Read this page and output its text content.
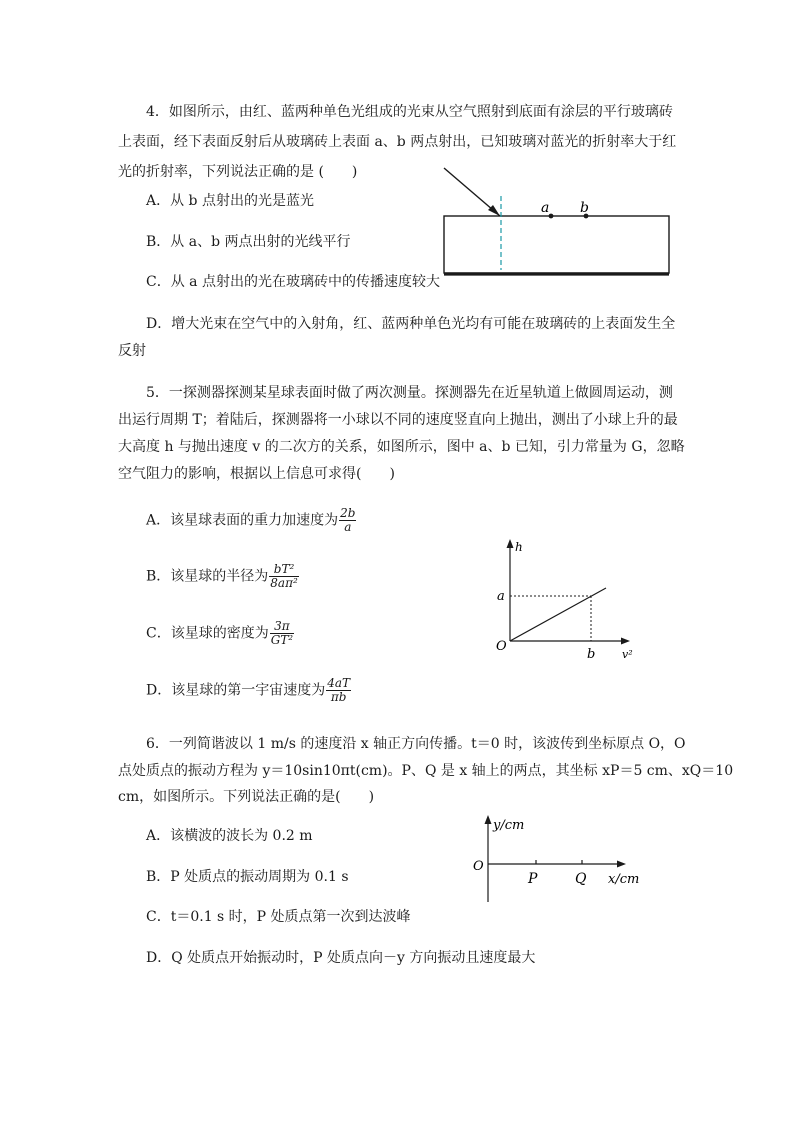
4．如图所示，由红、蓝两种单色光组成的光束从空气照射到底面有涂层的平行玻璃砖
上表面，经下表面反射后从玻璃砖上表面 a、b 两点射出，已知玻璃对蓝光的折射率大于红
光的折射率，下列说法正确的是 (　　)
A．从 b 点射出的光是蓝光
B．从 a、b 两点出射的光线平行
C．从 a 点射出的光在玻璃砖中的传播速度较大
D．增大光束在空气中的入射角，红、蓝两种单色光均有可能在玻璃砖的上表面发生全
反射
a b
5．一探测器探测某星球表面时做了两次测量。探测器先在近星轨道上做圆周运动，测
出运行周期 T；着陆后，探测器将一小球以不同的速度竖直向上抛出，测出了小球上升的最
大高度 h 与抛出速度 v 的二次方的关系，如图所示，图中 a、b 已知，引力常量为 G，忽略
空气阻力的影响，根据以上信息可求得(　　)
A．该星球表面的重力加速度为 $\frac{2b}{a}$
B．该星球的半径为 $\frac{\text{bT²}}{\text{8aπ²}}$
C．该星球的密度为 $\frac{3\pi}{\text{GT²}}$
D．该星球的第一宇宙速度为 $\frac{4aT}{\pi b}$
h
v²
O
a
b
6．一列简谐波以 1 m/s 的速度沿 x 轴正方向传播。t＝0 时，该波传到坐标原点 O，O
点处质点的振动方程为 y＝10sin10πt(cm)。P、Q 是 x 轴上的两点，其坐标 xP＝5 cm、xQ＝10
cm，如图所示。下列说法正确的是(　　)
A．该横波的波长为 0.2 m
B．P 处质点的振动周期为 0.1 s
C．t＝0.1 s 时，P 处质点第一次到达波峰
D．Q 处质点开始振动时，P 处质点向－y 方向振动且速度最大
y/cm
x/cm
O
P	Q
